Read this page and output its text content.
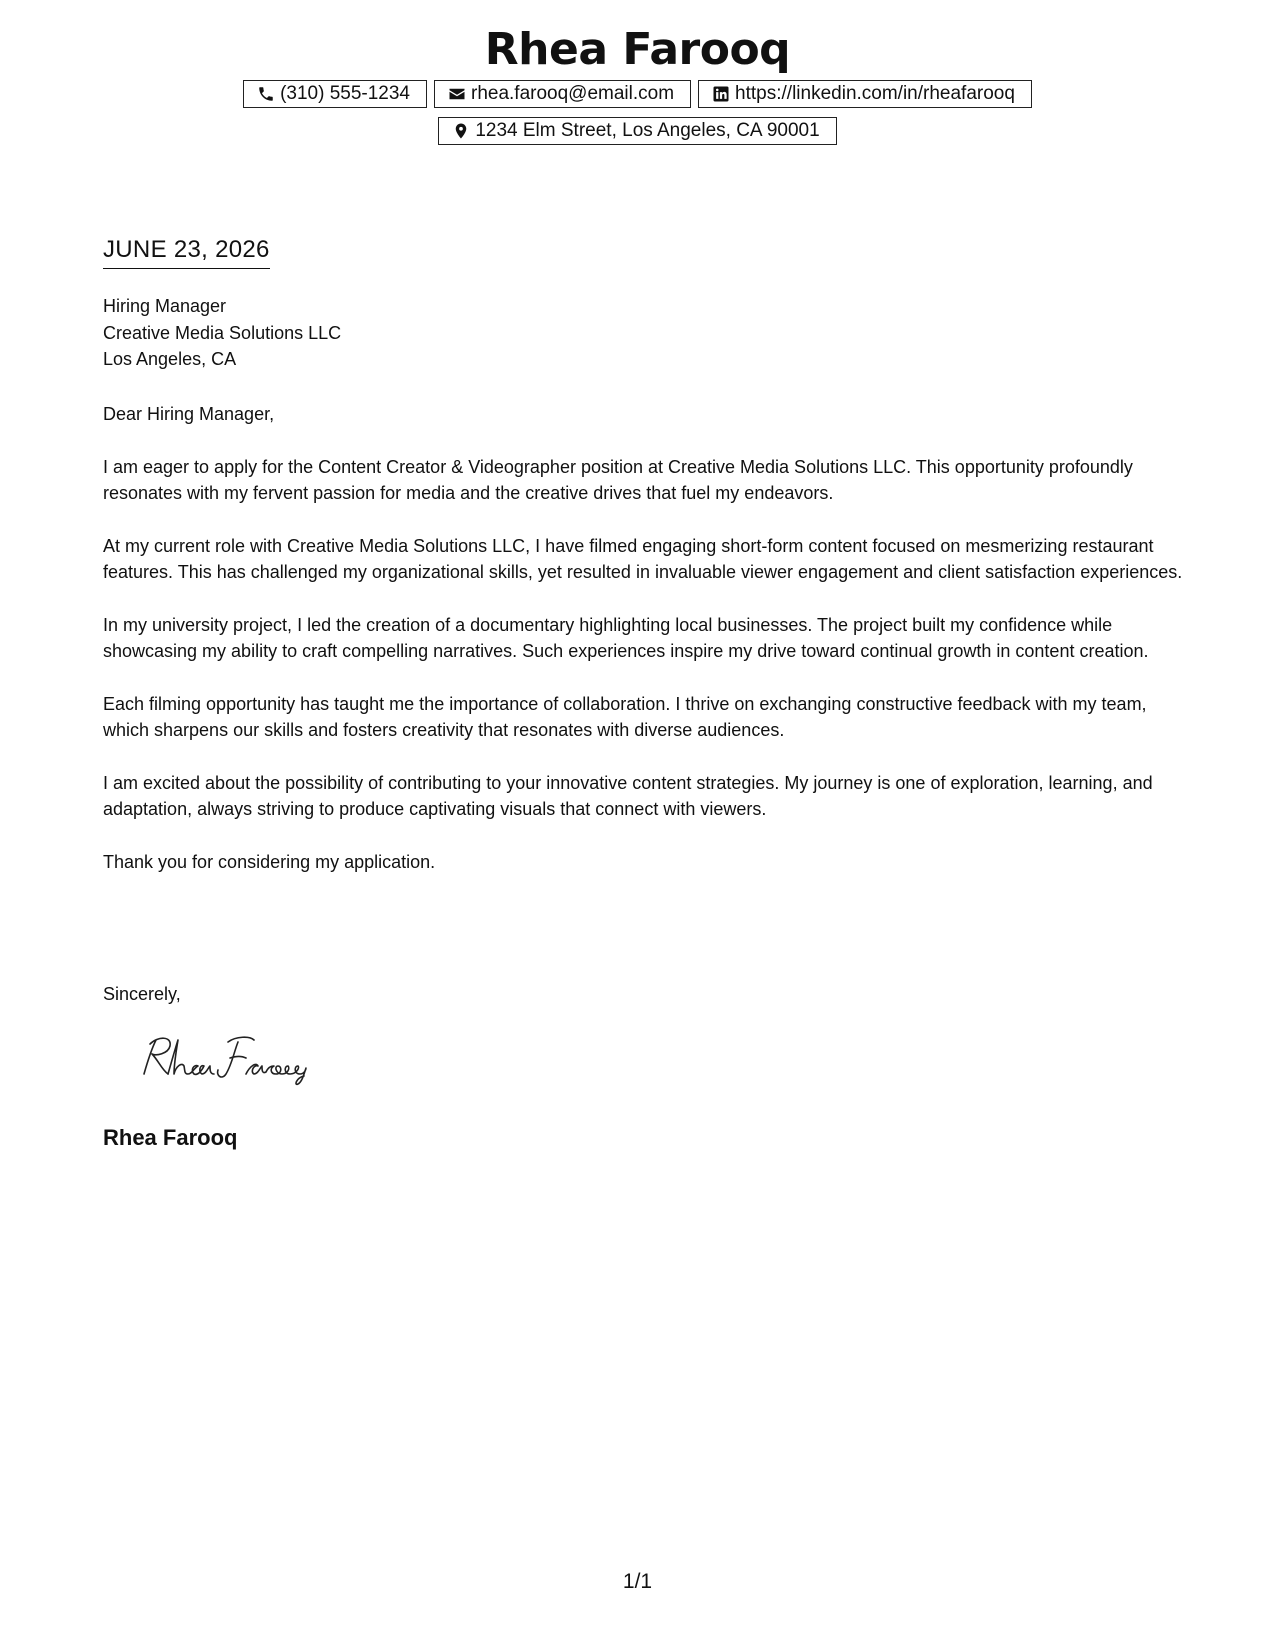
Rhea Farooq
(310) 555-1234	rhea.farooq@email.com	https://linkedin.com/in/rheafarooq
1234 Elm Street, Los Angeles, CA 90001
JUNE 23, 2026
Hiring Manager
Creative Media Solutions LLC
Los Angeles, CA

Dear Hiring Manager,

I am eager to apply for the Content Creator & Videographer position at Creative Media Solutions LLC. This opportunity profoundly resonates with my fervent passion for media and the creative drives that fuel my endeavors.

At my current role with Creative Media Solutions LLC, I have filmed engaging short-form content focused on mesmerizing restaurant features. This has challenged my organizational skills, yet resulted in invaluable viewer engagement and client satisfaction experiences.

In my university project, I led the creation of a documentary highlighting local businesses. The project built my confidence while showcasing my ability to craft compelling narratives. Such experiences inspire my drive toward continual growth in content creation.

Each filming opportunity has taught me the importance of collaboration. I thrive on exchanging constructive feedback with my team, which sharpens our skills and fosters creativity that resonates with diverse audiences.

I am excited about the possibility of contributing to your innovative content strategies. My journey is one of exploration, learning, and adaptation, always striving to produce captivating visuals that connect with viewers.

Thank you for considering my application.

Sincerely,
Rhea Farooq
1/1
